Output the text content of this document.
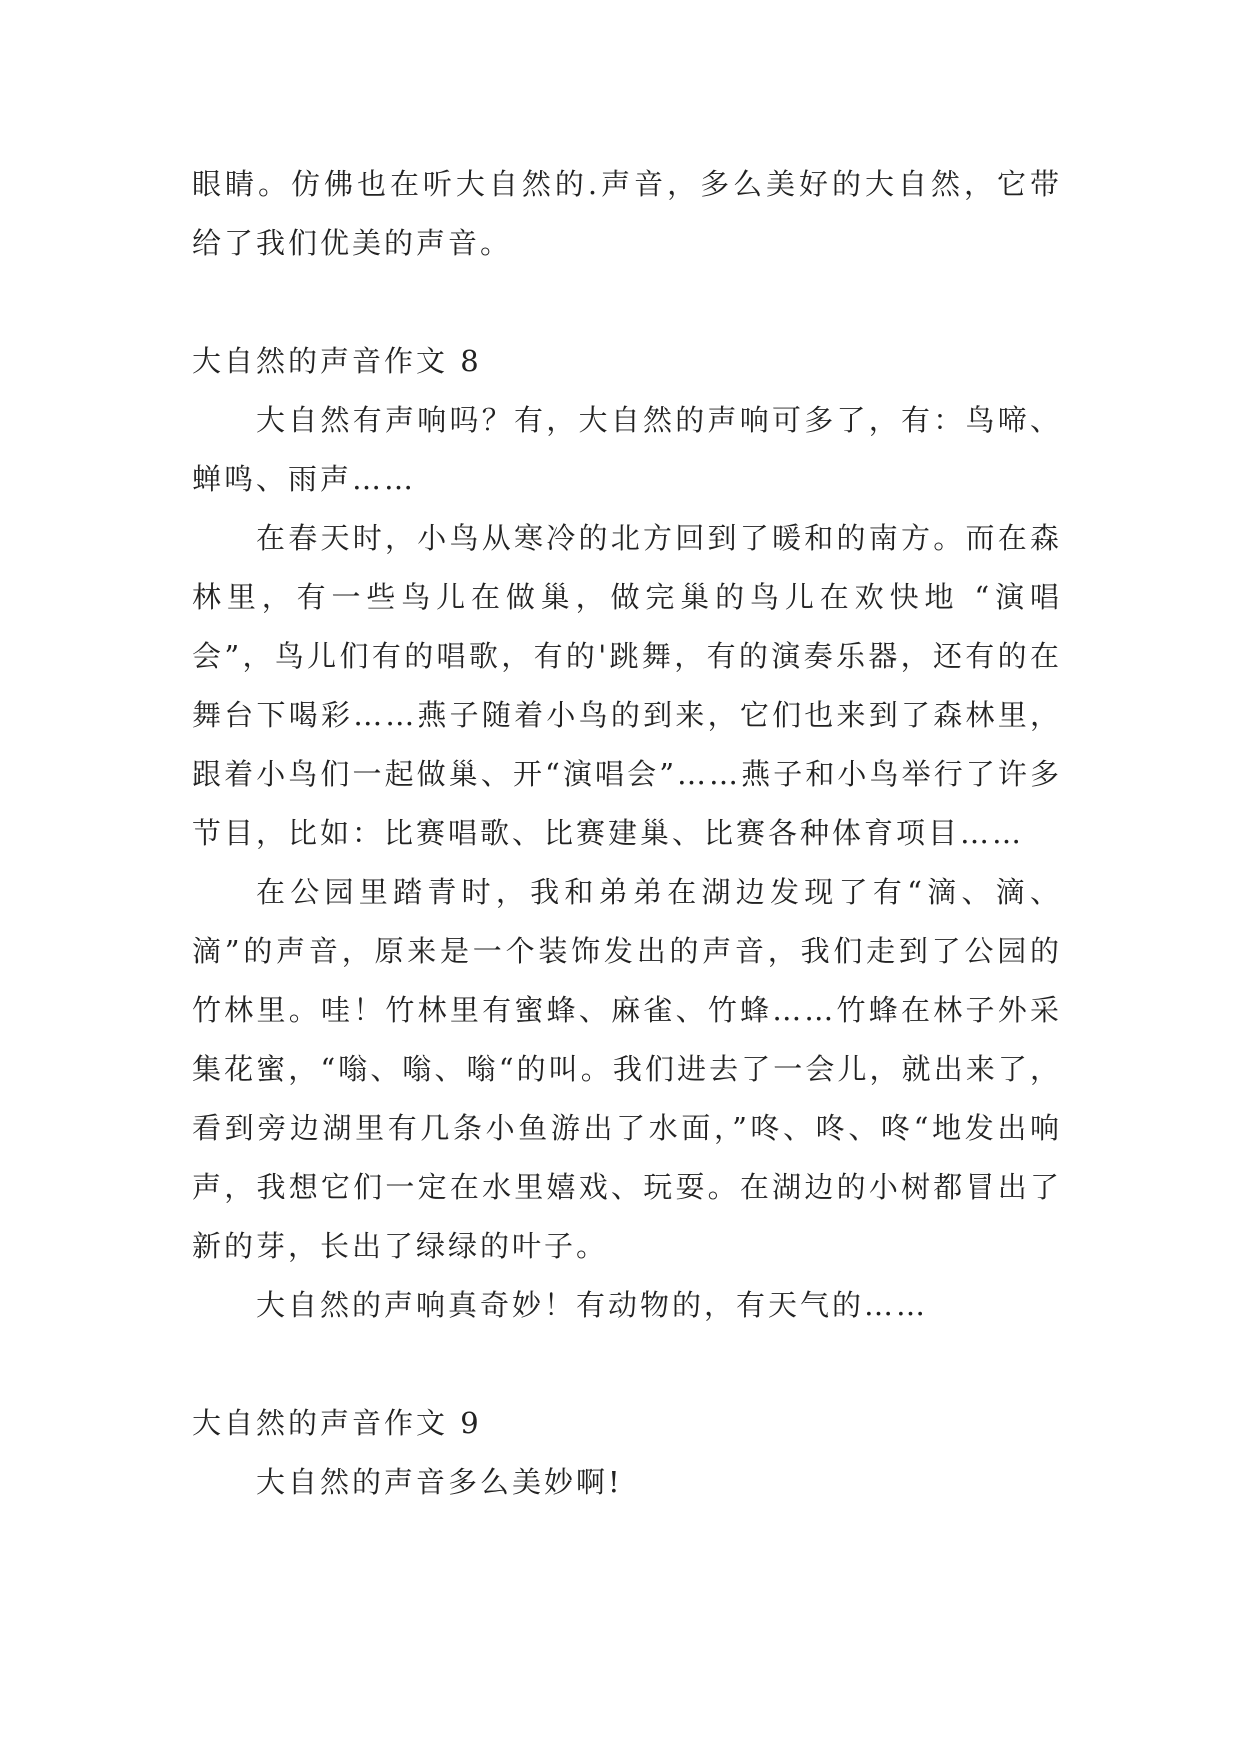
眼睛。仿佛也在听大自然的.声音，多么美好的大自然，它带给了我们优美的声音。

大自然的声音作文 8

大自然有声响吗？有，大自然的声响可多了，有：鸟啼、蝉鸣、雨声……

在春天时，小鸟从寒冷的北方回到了暖和的南方。而在森林里，有一些鸟儿在做巢，做完巢的鸟儿在欢快地 “演唱会”，鸟儿们有的唱歌，有的'跳舞，有的演奏乐器，还有的在舞台下喝彩……燕子随着小鸟的到来，它们也来到了森林里，跟着小鸟们一起做巢、开“演唱会”……燕子和小鸟举行了许多节目，比如：比赛唱歌、比赛建巢、比赛各种体育项目……

在公园里踏青时，我和弟弟在湖边发现了有“滴、滴、滴”的声音，原来是一个装饰发出的声音，我们走到了公园的竹林里。哇！竹林里有蜜蜂、麻雀、竹蜂……竹蜂在林子外采集花蜜，“嗡、嗡、嗡“的叫。我们进去了一会儿，就出来了，看到旁边湖里有几条小鱼游出了水面，”咚、咚、咚“地发出响声，我想它们一定在水里嬉戏、玩耍。在湖边的小树都冒出了新的芽，长出了绿绿的叶子。

大自然的声响真奇妙！有动物的，有天气的……

大自然的声音作文 9

大自然的声音多么美妙啊!
